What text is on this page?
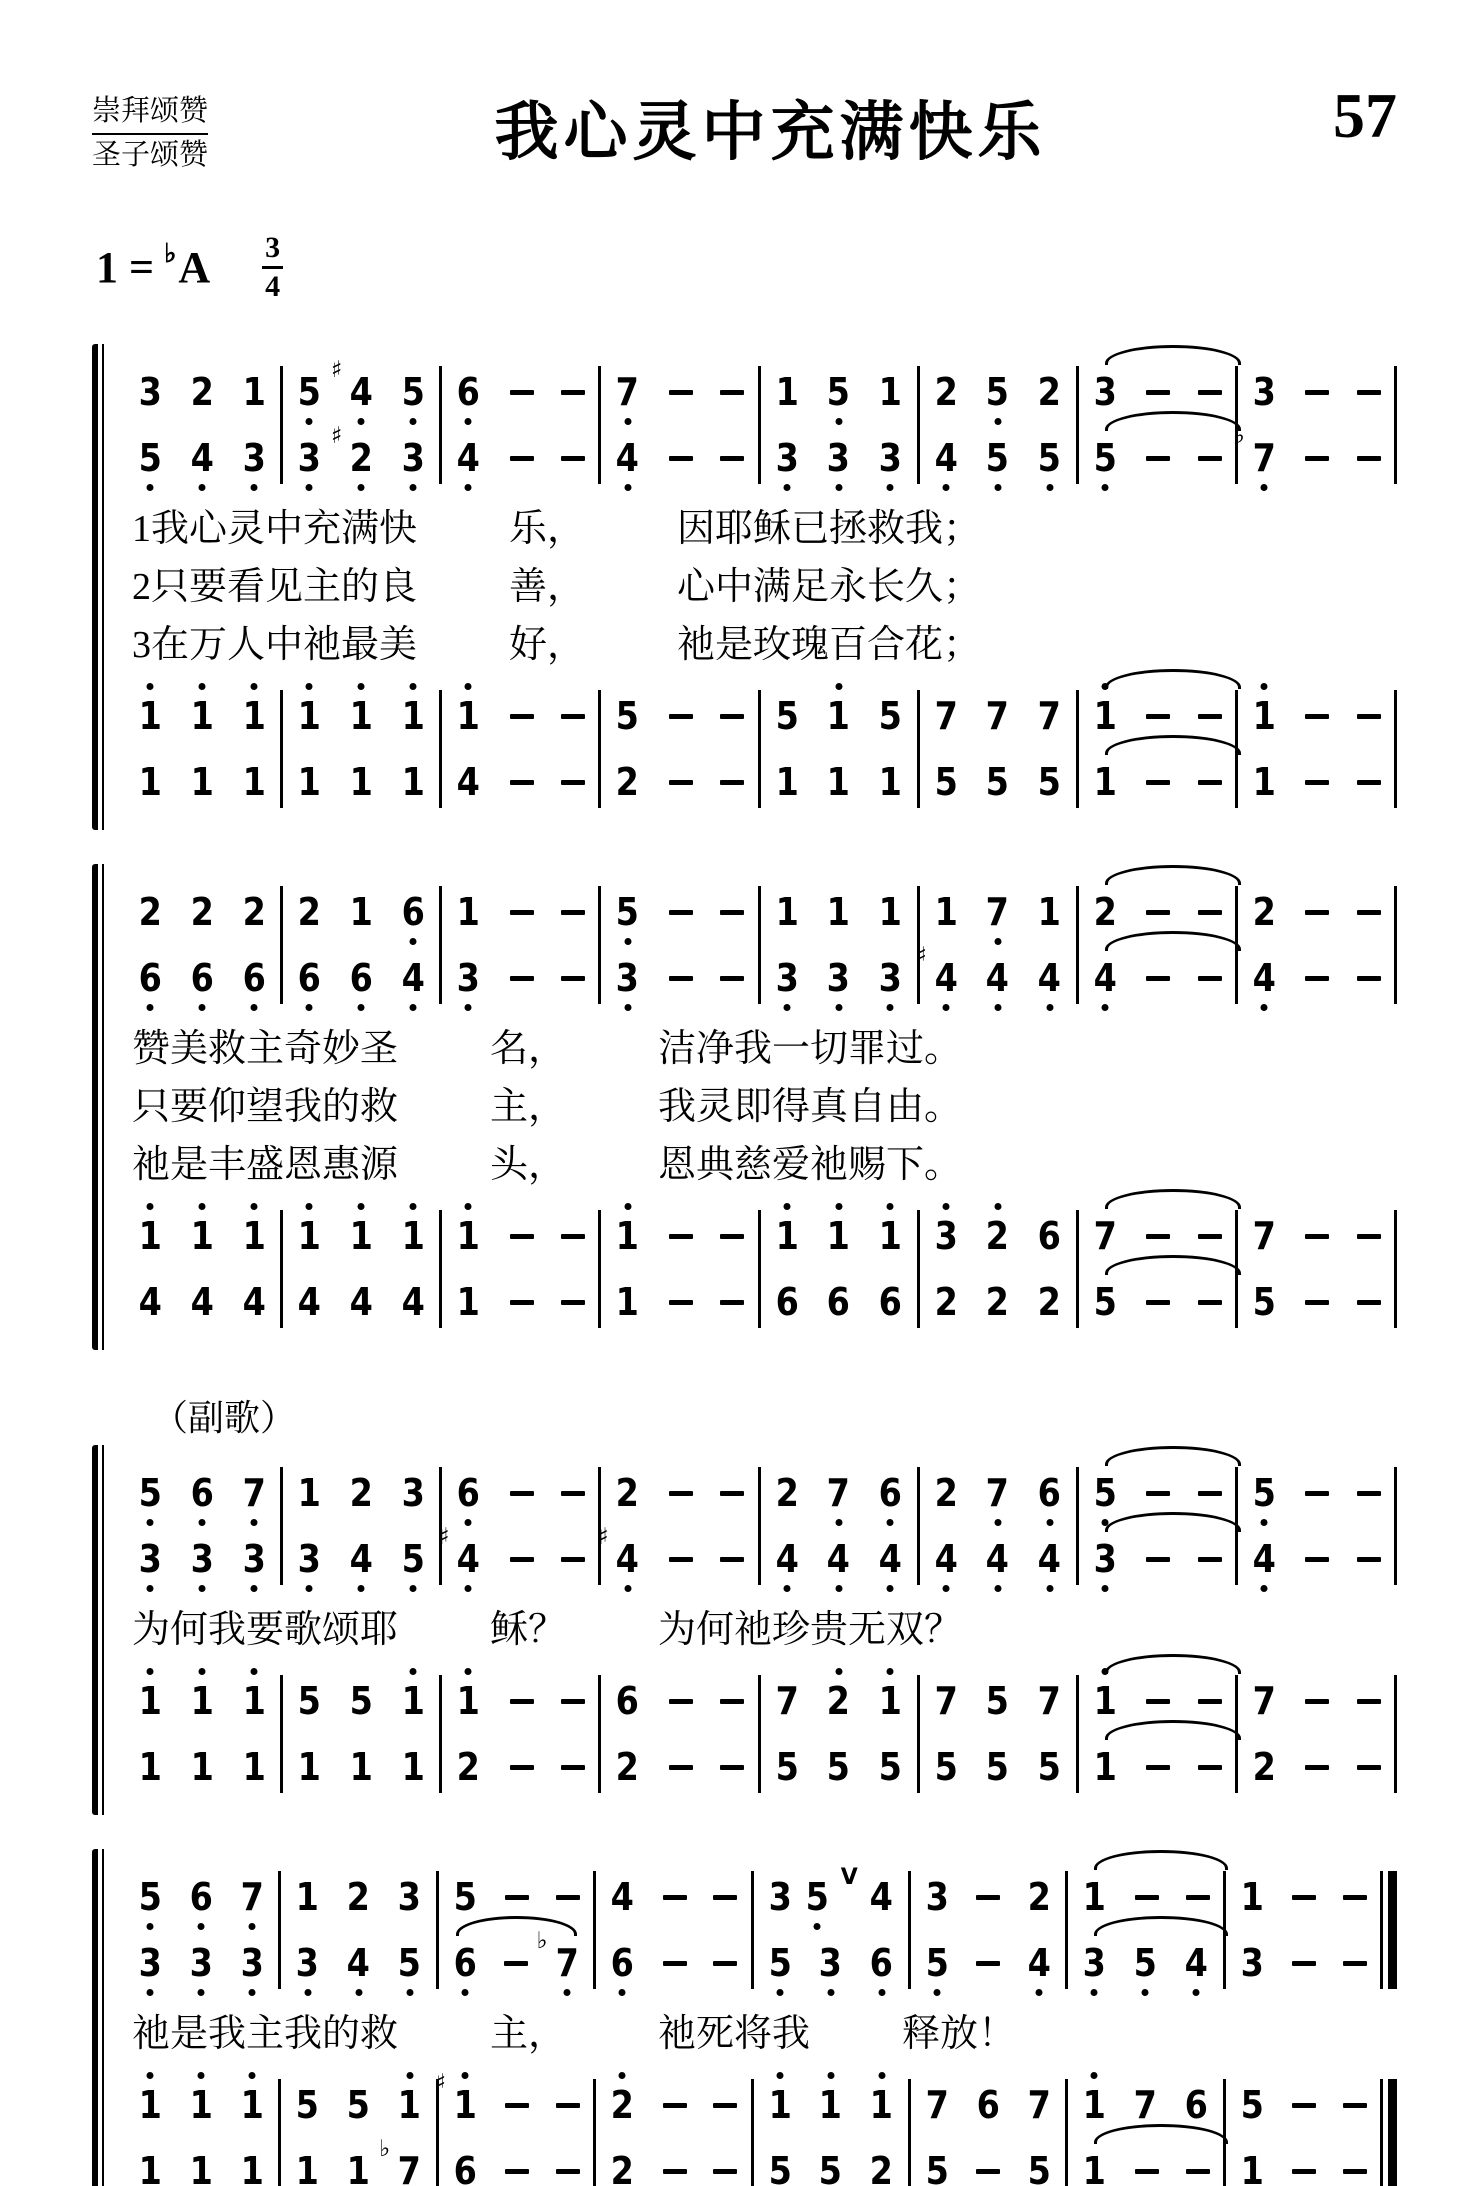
崇拜颂赞
圣子颂赞	我心灵中充满快乐	57
1 = ♭ A $\frac{3}{4}$
3 2 1
5 4 3
5 ♯ 4 5
3 ♯ 2 3
6
4
7
4
1 5 1
3 3 3
2 5 2
4 5 5
3
5
3
♭ 7
1我心灵中充满快 乐， 因耶稣已拯救我；
2只要看见主的良 善， 心中满足永长久；
3在万人中祂最美 好， 祂是玫瑰百合花；
1 1 1
1 1 1
1 1 1
1 1 1
1
4
5
2
5 1 5
1 1 1
7 7 7
5 5 5
1
1
1
1
2 2 2
6 6 6
2 1 6
6 6 4
1
3
5
3
1 1 1
3 3 3
1 7 1
♯ 4 4 4
2
4
2
4
赞美救主奇妙圣 名， 洁净我一切罪过。
只要仰望我的救 主， 我灵即得真自由。
祂是丰盛恩惠源 头， 恩典慈爱祂赐下。
1 1 1
4 4 4
1 1 1
4 4 4
1
1
1
1
1 1 1
6 6 6
3 2 6
2 2 2
7
5
7
5
（副歌）
5 6 7
3 3 3
1 2 3
3 4 5
6
♯ 4
2
♯ 4
2 7 6
4 4 4
2 7 6
4 4 4
5
3
5
4
为何我要歌颂耶 稣？ 为何祂珍贵无双？
1 1 1
1 1 1
5 5 1
1 1 1
1
2
6
2
7 2 1
5 5 5
7 5 7
5 5 5
1
1
7
2
5 6 7
3 3 3
1 2 3
3 4 5
5
6	♭ 7
4
6
3 5 V 4
5 3 6
3 2
5 4
1
3 5 4
1
3
祂是我主我的救 主， 祂死将我 释放！
1 1 1
1 1 1
5 5 1
1 1 ♭ 7
♯ 1
6
2
2
1 1 1
5 5 2
7 6 7
5 5
1 7 6
1
5
1
